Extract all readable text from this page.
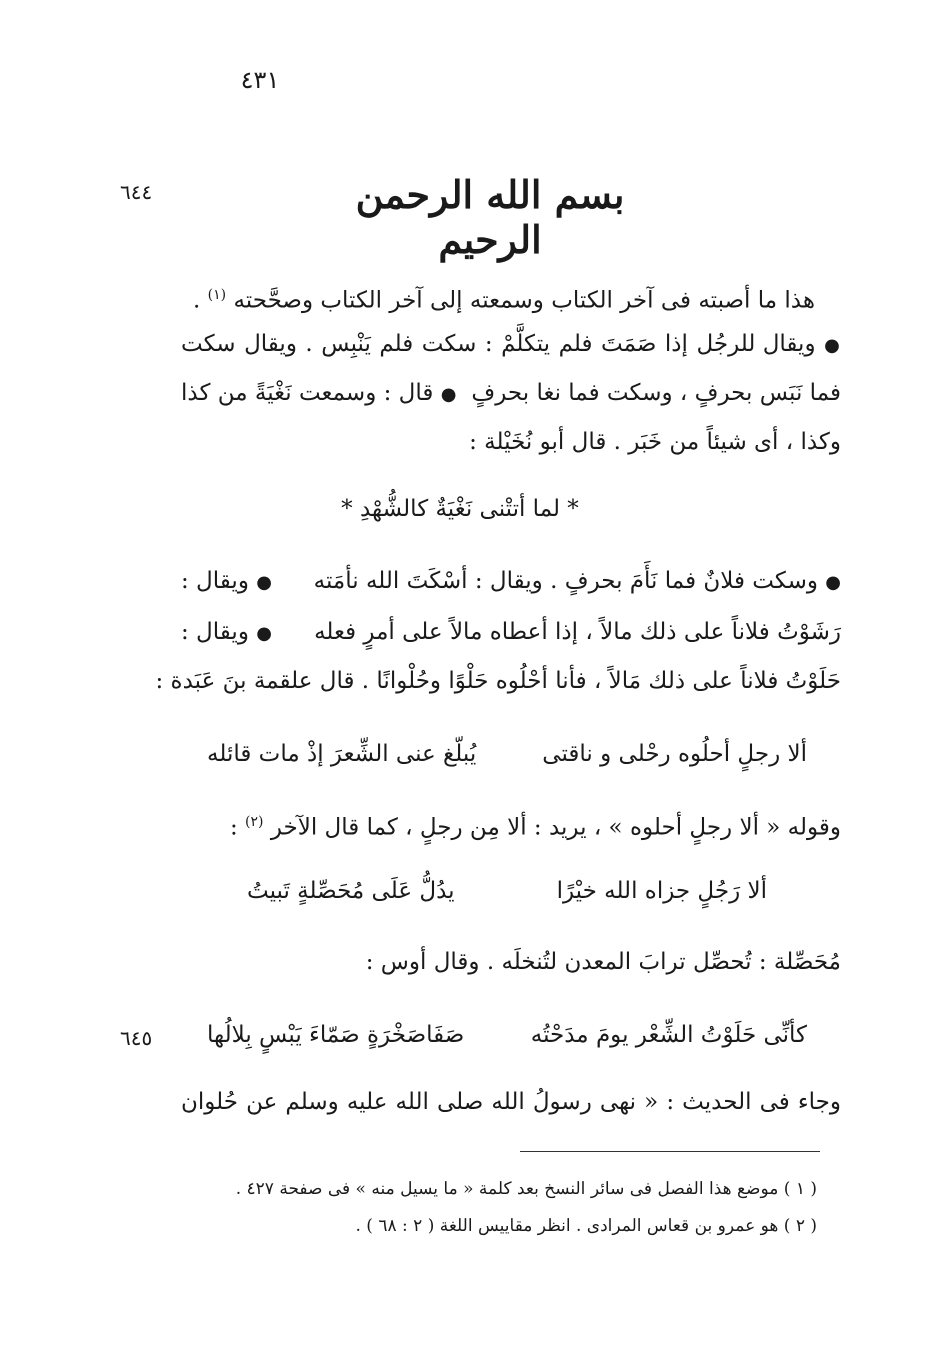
٤٣١
٦٤٤	بسم الله الرحمن الرحيم
هذا ما أصبته فى آخر الكتاب وسمعته إلى آخر الكتاب وصحَّحته $^{(١)}$ .
● ويقال للرجُل إذا صَمَتَ فلم يتكلَّمْ : سكت فلم يَنْبِس . ويقال سكت
فما نَبَس بحرفٍ ، وسكت فما نغا بحرفٍ
● قال : وسمعت نَغْيَةً من كذا
وكذا ، أى شيئاً من خَبَر . قال أبو نُخَيْلة :
* لما أتتْنى نَغْيَةٌ كالشُّهْدِ *
● وسكت فلانٌ فما نَأَمَ بحرفٍ . ويقال : أسْكَتَ الله نأمَته
● ويقال :
رَشَوْتُ فلاناً على ذلك مالاً ، إذا أعطاه مالاً على أمرٍ فعله
● ويقال :
حَلَوْتُ فلاناً على ذلك مَالاً ، فأنا أحْلُوه حَلْوًا وحُلْوانًا . قال علقمة بنَ عَبَدة :
ألا رجلٍ أحلُوه رحْلى و ناقتى
يُبلّغ عنى الشِّعرَ إذْ مات قائله
وقوله « ألا رجلٍ أحلوه » ، يريد : ألا مِن رجلٍ ، كما قال الآخر $^{(٢)}$ :
ألا رَجُلٍ جزاه الله خيْرًا
يدُلُّ عَلَى مُحَصِّلةٍ تَبيتُ
مُحَصِّلة : تُحصِّل ترابَ المعدن لتُنخلَه . وقال أوس :
كأنِّى حَلَوْتُ الشِّعْر يومَ مدَحْتُه
صَفَاصَخْرَةٍ صَمّاءَ يَبْسٍ بِلالُها
٦٤٥
وجاء فى الحديث : « نهى رسولُ الله صلى الله عليه وسلم عن حُلوان
( ١ ) موضع هذا الفصل فى سائر النسخ بعد كلمة « ما يسيل منه » فى صفحة ٤٢٧ .
( ٢ ) هو عمرو بن قعاس المرادى . انظر مقاييس اللغة ( ٢ : ٦٨ ) .
